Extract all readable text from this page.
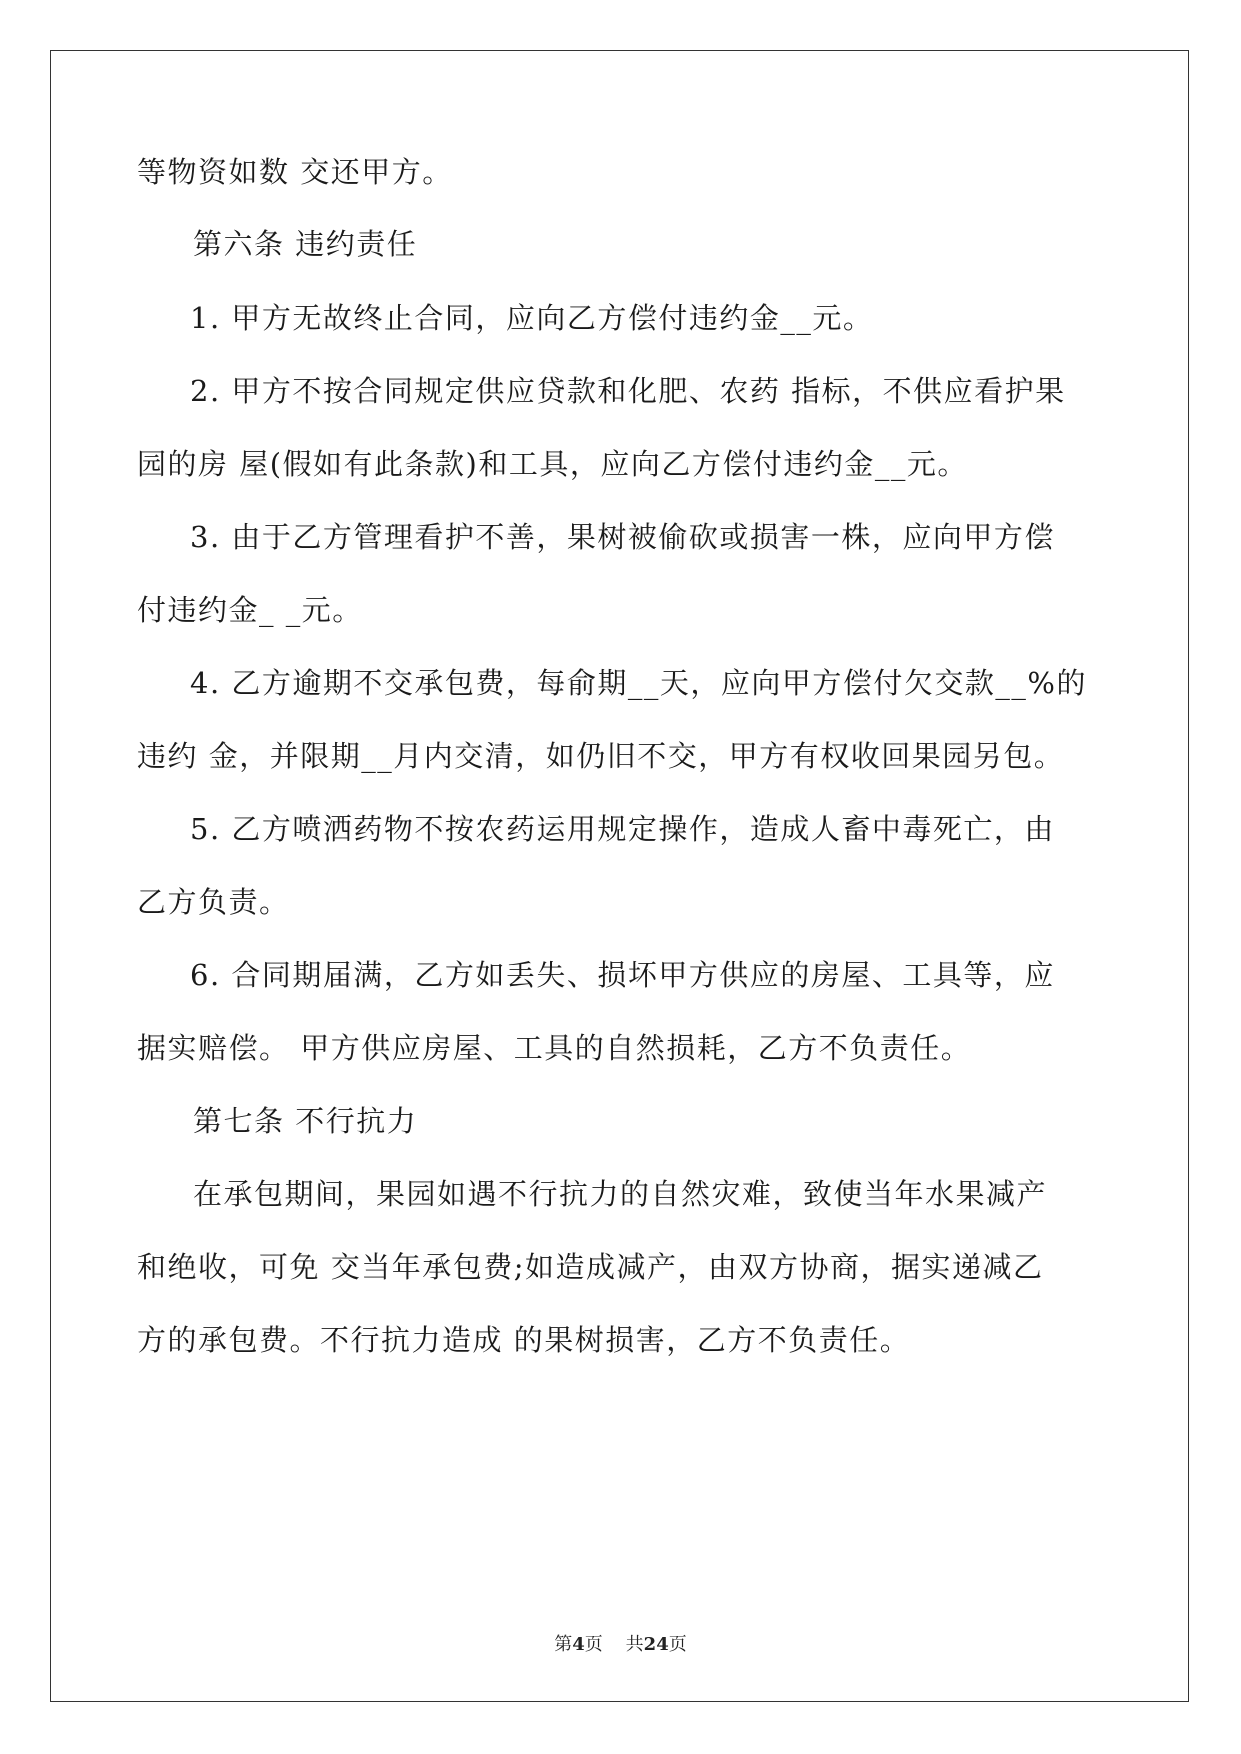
等物资如数 交还甲方。
第六条 违约责任
1. 甲方无故终止合同，应向乙方偿付违约金__元。
2. 甲方不按合同规定供应贷款和化肥、农药 指标，不供应看护果
园的房 屋(假如有此条款)和工具，应向乙方偿付违约金__元。
3. 由于乙方管理看护不善，果树被偷砍或损害一株，应向甲方偿
付违约金_ _元。
4. 乙方逾期不交承包费，每俞期__天，应向甲方偿付欠交款__%的
违约 金，并限期__月内交清，如仍旧不交，甲方有权收回果园另包。
5. 乙方喷洒药物不按农药运用规定操作，造成人畜中毒死亡，由
乙方负责。
6. 合同期届满，乙方如丢失、损坏甲方供应的房屋、工具等，应
据实赔偿。 甲方供应房屋、工具的自然损耗，乙方不负责任。
第七条 不行抗力
在承包期间，果园如遇不行抗力的自然灾难，致使当年水果减产
和绝收，可免 交当年承包费;如造成减产，由双方协商，据实递减乙
方的承包费。不行抗力造成 的果树损害，乙方不负责任。
第4页 共24页
